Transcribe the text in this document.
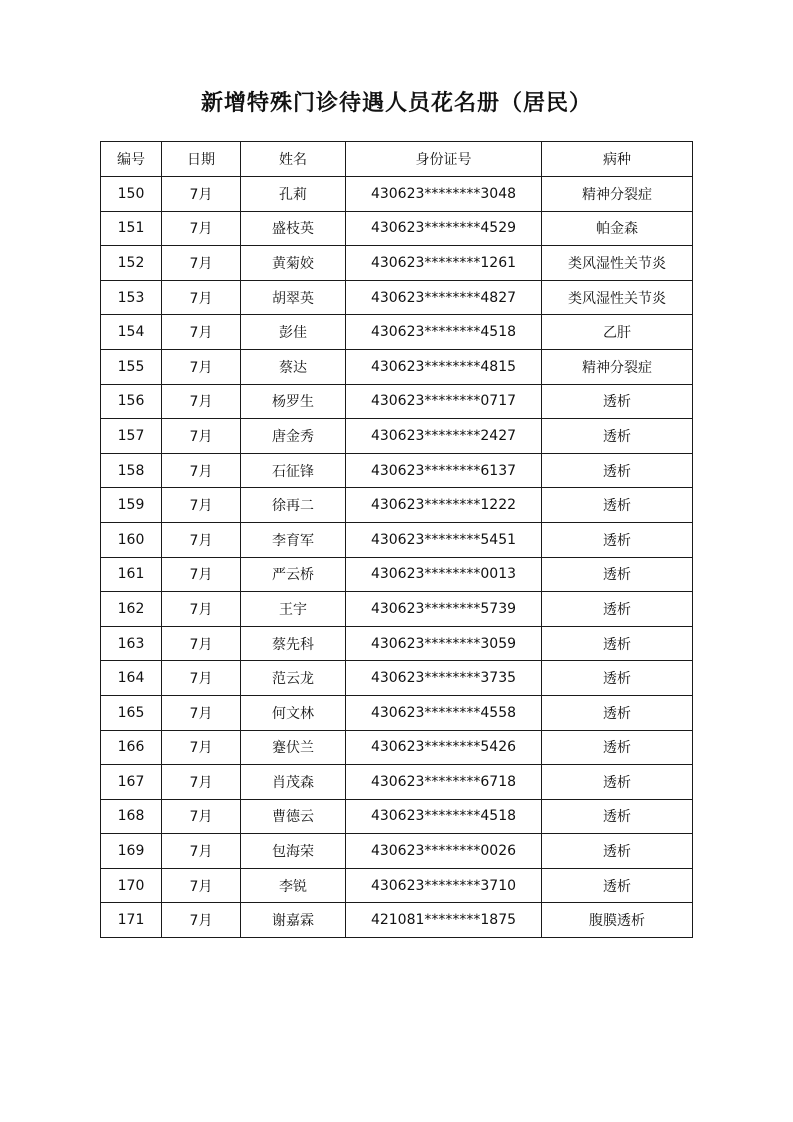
新增特殊门诊待遇人员花名册（居民）
编号	日期	姓名	身份证号	病种
150	7月	孔莉	430623********3048	精神分裂症
151	7月	盛枝英	430623********4529	帕金森
152	7月	黄菊姣	430623********1261	类风湿性关节炎
153	7月	胡翠英	430623********4827	类风湿性关节炎
154	7月	彭佳	430623********4518	乙肝
155	7月	蔡达	430623********4815	精神分裂症
156	7月	杨罗生	430623********0717	透析
157	7月	唐金秀	430623********2427	透析
158	7月	石征锋	430623********6137	透析
159	7月	徐再二	430623********1222	透析
160	7月	李育军	430623********5451	透析
161	7月	严云桥	430623********0013	透析
162	7月	王宇	430623********5739	透析
163	7月	蔡先科	430623********3059	透析
164	7月	范云龙	430623********3735	透析
165	7月	何文林	430623********4558	透析
166	7月	蹇伏兰	430623********5426	透析
167	7月	肖茂森	430623********6718	透析
168	7月	曹德云	430623********4518	透析
169	7月	包海荣	430623********0026	透析
170	7月	李锐	430623********3710	透析
171	7月	谢嘉霖	421081********1875	腹膜透析
